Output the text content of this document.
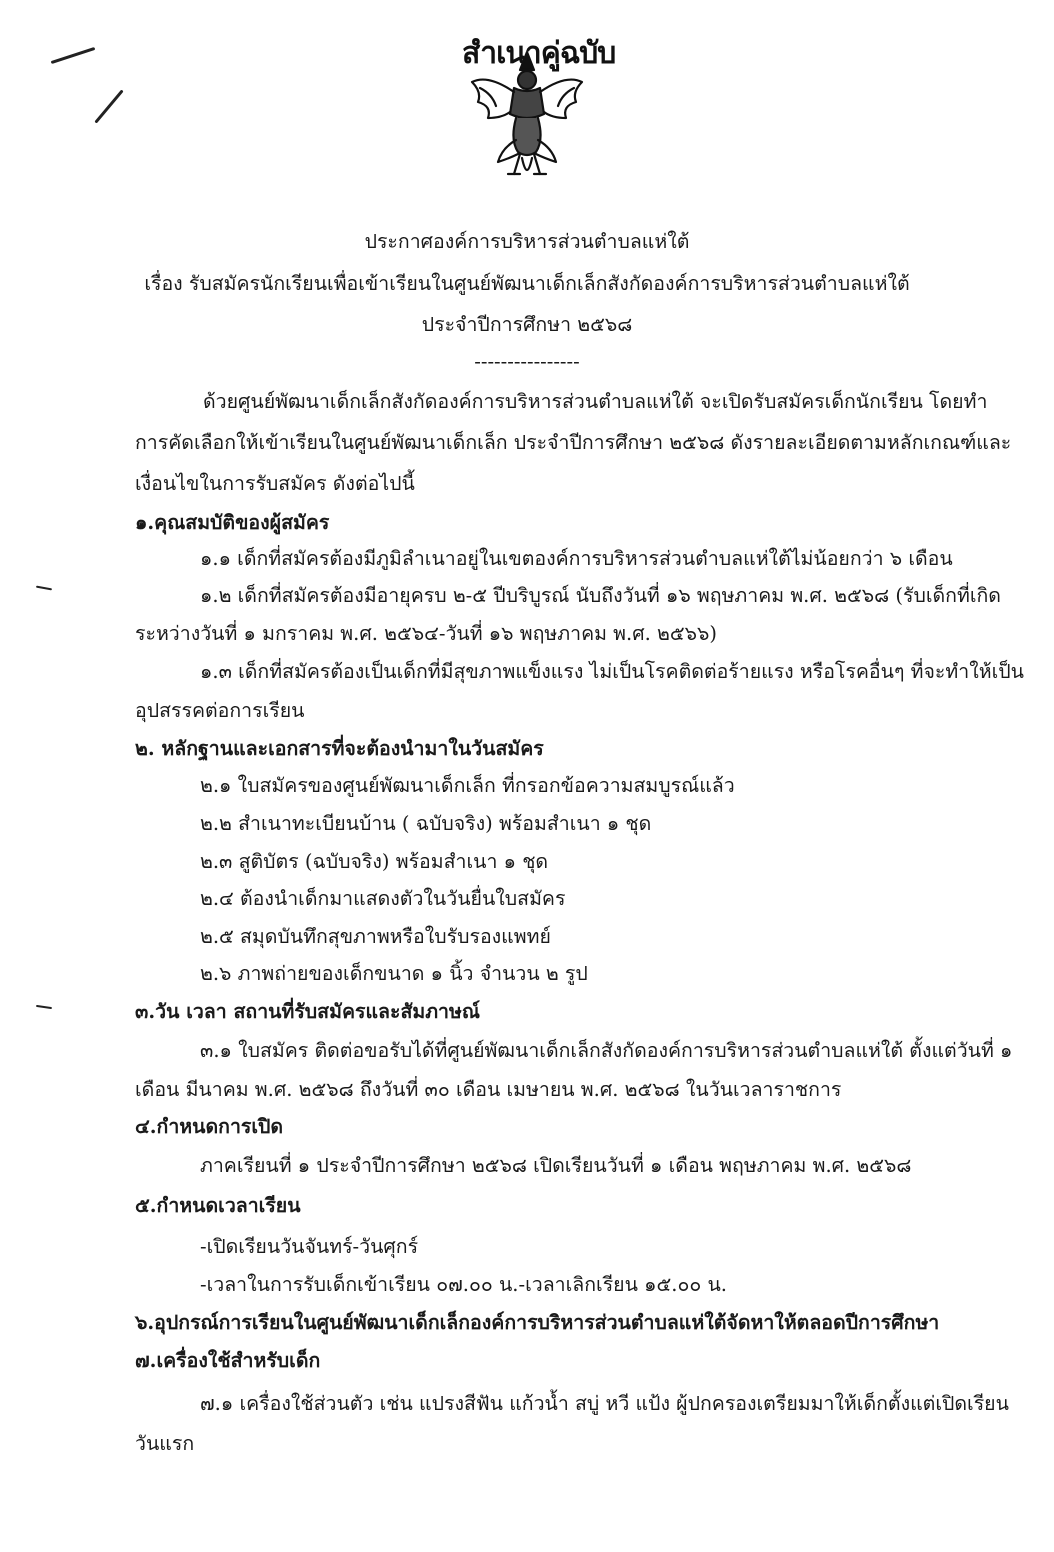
สำเนาคู่ฉบับ
ประกาศองค์การบริหารส่วนตำบลแห่ใต้
เรื่อง รับสมัครนักเรียนเพื่อเข้าเรียนในศูนย์พัฒนาเด็กเล็กสังกัดองค์การบริหารส่วนตำบลแห่ใต้
ประจำปีการศึกษา ๒๕๖๘
----------------
ด้วยศูนย์พัฒนาเด็กเล็กสังกัดองค์การบริหารส่วนตำบลแห่ใต้ จะเปิดรับสมัครเด็กนักเรียน โดยทำ
การคัดเลือกให้เข้าเรียนในศูนย์พัฒนาเด็กเล็ก ประจำปีการศึกษา ๒๕๖๘ ดังรายละเอียดตามหลักเกณฑ์และ
เงื่อนไขในการรับสมัคร ดังต่อไปนี้
๑.คุณสมบัติของผู้สมัคร
๑.๑ เด็กที่สมัครต้องมีภูมิลำเนาอยู่ในเขตองค์การบริหารส่วนตำบลแห่ใต้ไม่น้อยกว่า ๖ เดือน
๑.๒ เด็กที่สมัครต้องมีอายุครบ ๒-๕ ปีบริบูรณ์ นับถึงวันที่ ๑๖ พฤษภาคม พ.ศ. ๒๕๖๘ (รับเด็กที่เกิด
ระหว่างวันที่ ๑ มกราคม พ.ศ. ๒๕๖๔-วันที่ ๑๖ พฤษภาคม พ.ศ. ๒๕๖๖)
๑.๓ เด็กที่สมัครต้องเป็นเด็กที่มีสุขภาพแข็งแรง ไม่เป็นโรคติดต่อร้ายแรง หรือโรคอื่นๆ ที่จะทำให้เป็น
อุปสรรคต่อการเรียน
๒. หลักฐานและเอกสารที่จะต้องนำมาในวันสมัคร
๒.๑ ใบสมัครของศูนย์พัฒนาเด็กเล็ก ที่กรอกข้อความสมบูรณ์แล้ว
๒.๒ สำเนาทะเบียนบ้าน ( ฉบับจริง) พร้อมสำเนา ๑ ชุด
๒.๓ สูติบัตร (ฉบับจริง) พร้อมสำเนา ๑ ชุด
๒.๔ ต้องนำเด็กมาแสดงตัวในวันยื่นใบสมัคร
๒.๕ สมุดบันทึกสุขภาพหรือใบรับรองแพทย์
๒.๖ ภาพถ่ายของเด็กขนาด ๑ นิ้ว จำนวน ๒ รูป
๓.วัน เวลา สถานที่รับสมัครและสัมภาษณ์
๓.๑ ใบสมัคร ติดต่อขอรับได้ที่ศูนย์พัฒนาเด็กเล็กสังกัดองค์การบริหารส่วนตำบลแห่ใต้ ตั้งแต่วันที่ ๑
เดือน มีนาคม พ.ศ. ๒๕๖๘ ถึงวันที่ ๓๐ เดือน เมษายน พ.ศ. ๒๕๖๘ ในวันเวลาราชการ
๔.กำหนดการเปิด
ภาคเรียนที่ ๑ ประจำปีการศึกษา ๒๕๖๘ เปิดเรียนวันที่ ๑ เดือน พฤษภาคม พ.ศ. ๒๕๖๘
๕.กำหนดเวลาเรียน
-เปิดเรียนวันจันทร์-วันศุกร์
-เวลาในการรับเด็กเข้าเรียน ๐๗.๐๐ น.-เวลาเลิกเรียน ๑๕.๐๐ น.
๖.อุปกรณ์การเรียนในศูนย์พัฒนาเด็กเล็กองค์การบริหารส่วนตำบลแห่ใต้จัดหาให้ตลอดปีการศึกษา
๗.เครื่องใช้สำหรับเด็ก
๗.๑ เครื่องใช้ส่วนตัว เช่น แปรงสีฟัน แก้วน้ำ สบู่ หวี แป้ง ผู้ปกครองเตรียมมาให้เด็กตั้งแต่เปิดเรียน
วันแรก
